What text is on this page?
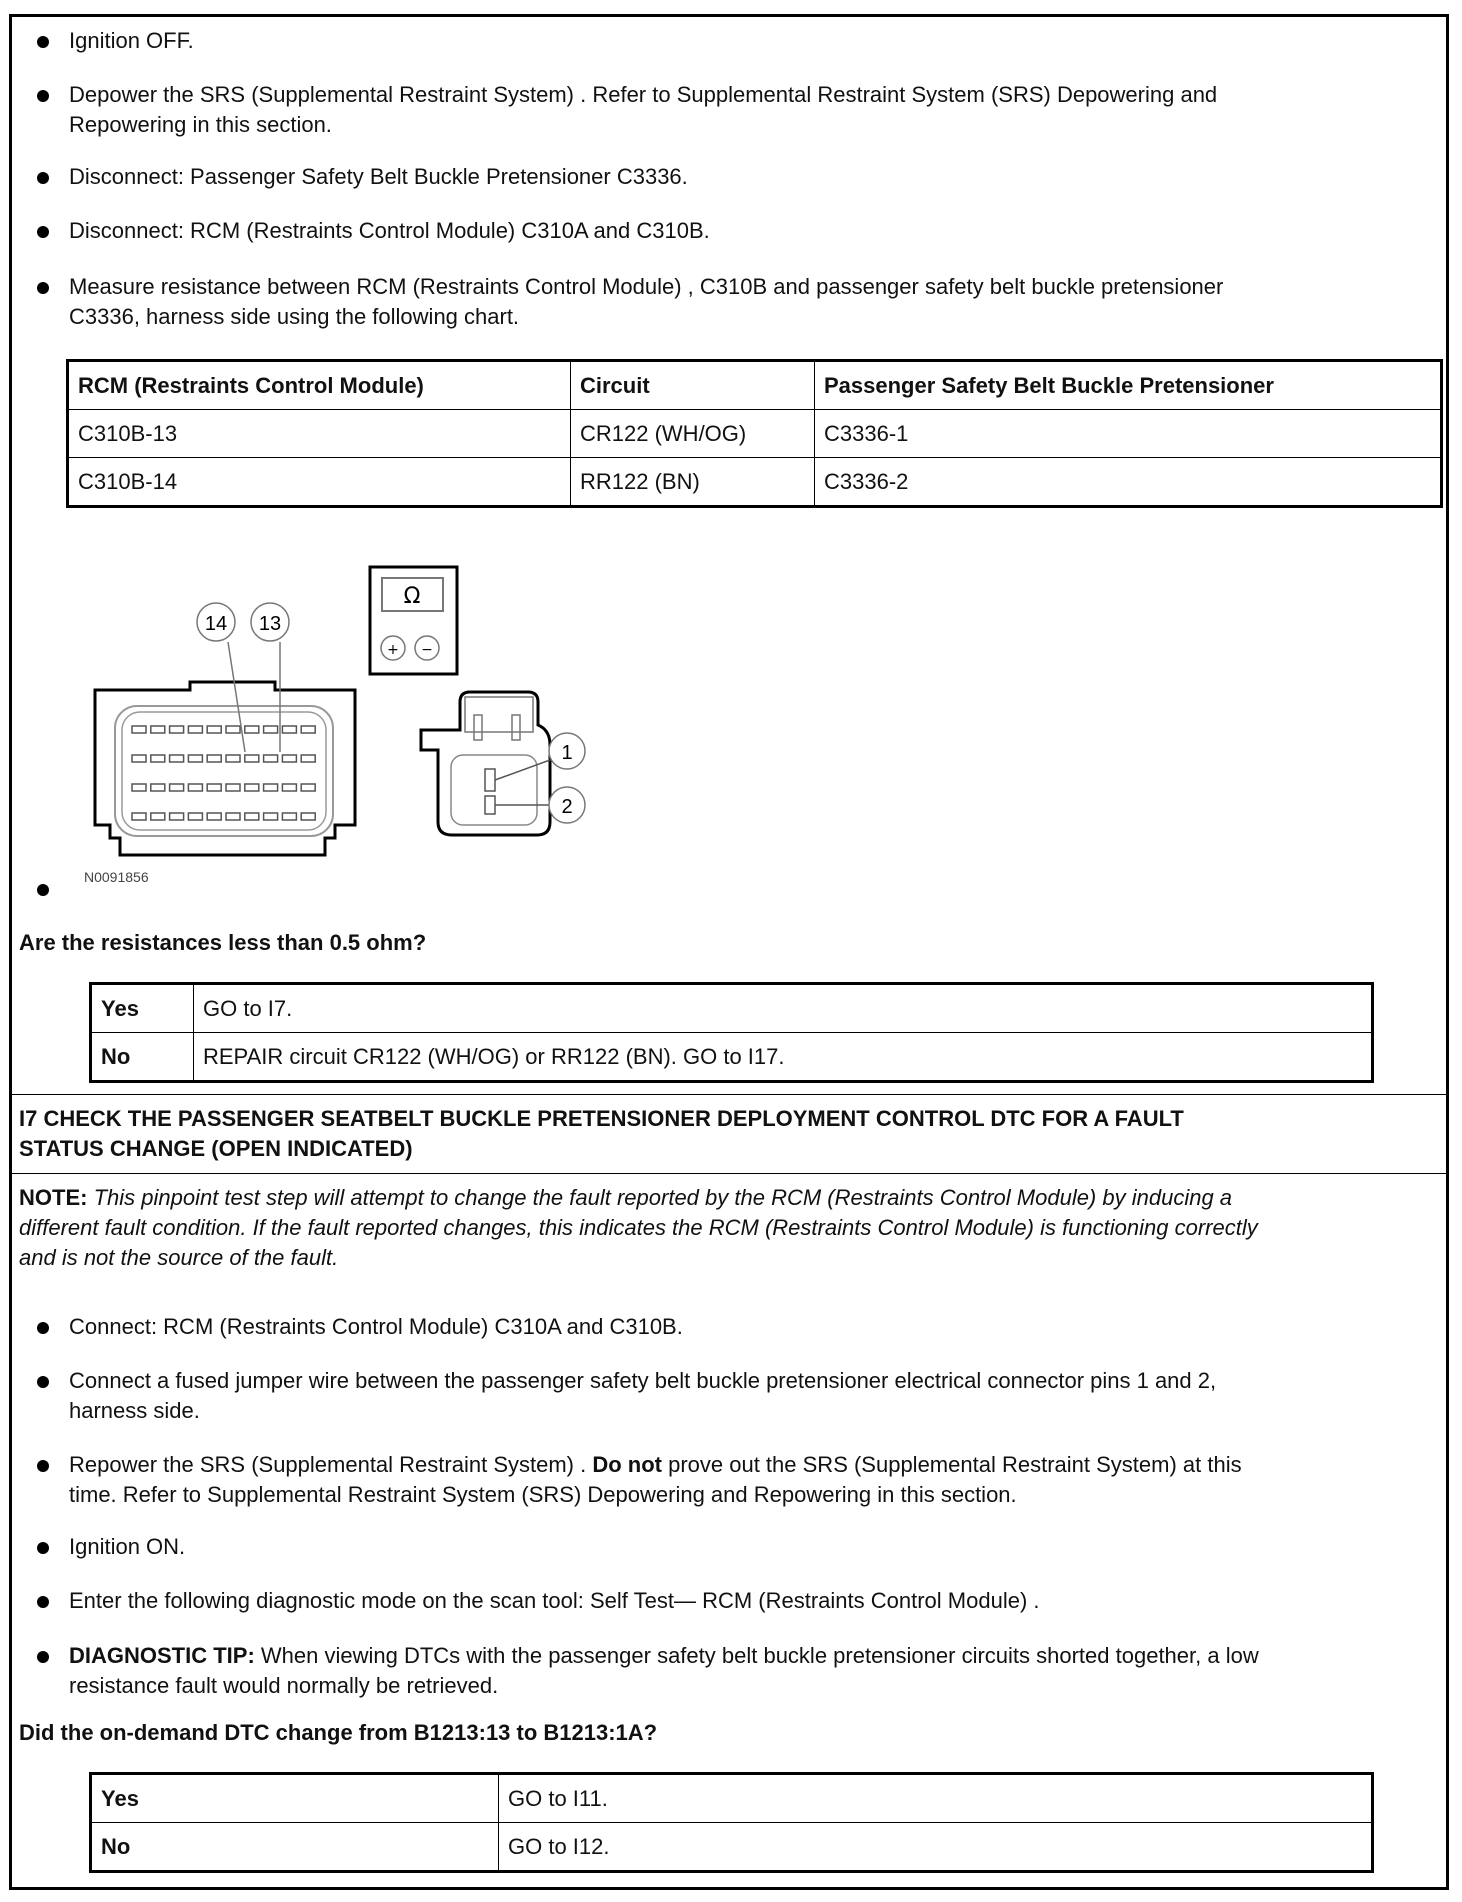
Ignition OFF.
Depower the SRS (Supplemental Restraint System) . Refer to Supplemental Restraint System (SRS) Depowering and
Repowering in this section.
Disconnect: Passenger Safety Belt Buckle Pretensioner C3336.
Disconnect: RCM (Restraints Control Module) C310A and C310B.
Measure resistance between RCM (Restraints Control Module) , C310B and passenger safety belt buckle pretensioner
C3336, harness side using the following chart.
RCM (Restraints Control Module)	Circuit	Passenger Safety Belt Buckle Pretensioner
C310B-13	CR122 (WH/OG)	C3336-1
C310B-14	RR122 (BN)	C3336-2
14 13
Ω
+ −
1
2
N0091856
Are the resistances less than 0.5 ohm?
Yes	GO to I7.
No	REPAIR circuit CR122 (WH/OG) or RR122 (BN). GO to I17.
I7 CHECK THE PASSENGER SEATBELT BUCKLE PRETENSIONER DEPLOYMENT CONTROL DTC FOR A FAULT
STATUS CHANGE (OPEN INDICATED)
NOTE: This pinpoint test step will attempt to change the fault reported by the RCM (Restraints Control Module) by inducing a
different fault condition. If the fault reported changes, this indicates the RCM (Restraints Control Module) is functioning correctly
and is not the source of the fault.
Connect: RCM (Restraints Control Module) C310A and C310B.
Connect a fused jumper wire between the passenger safety belt buckle pretensioner electrical connector pins 1 and 2,
harness side.
Repower the SRS (Supplemental Restraint System) . Do not prove out the SRS (Supplemental Restraint System) at this
time. Refer to Supplemental Restraint System (SRS) Depowering and Repowering in this section.
Ignition ON.
Enter the following diagnostic mode on the scan tool: Self Test— RCM (Restraints Control Module) .
DIAGNOSTIC TIP: When viewing DTCs with the passenger safety belt buckle pretensioner circuits shorted together, a low
resistance fault would normally be retrieved.
Did the on-demand DTC change from B1213:13 to B1213:1A?
Yes	GO to I11.
No	GO to I12.
